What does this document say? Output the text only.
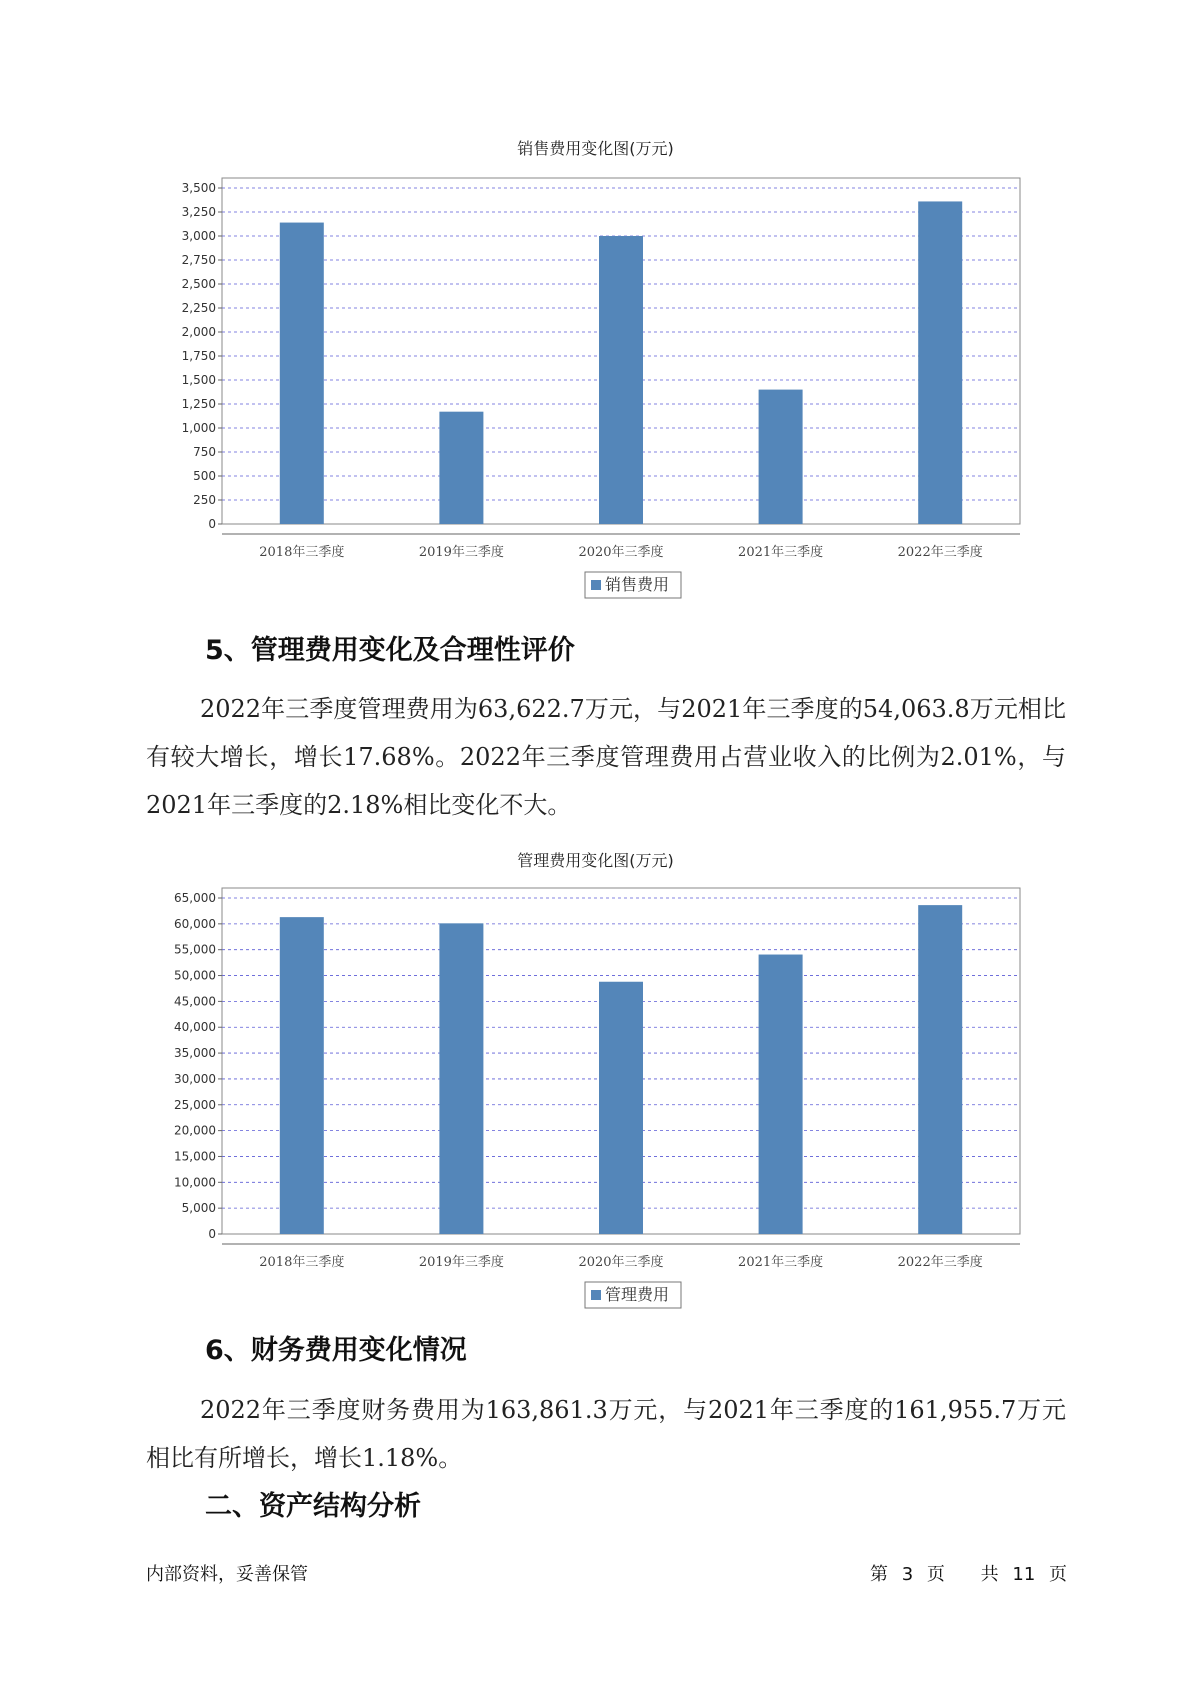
销售费用变化图(万元)
0
250
500
750
1,000
1,250
1,500
1,750
2,000
2,250
2,500
2,750
3,000
3,250
3,500
2018年三季度	2019年三季度	2020年三季度	2021年三季度	2022年三季度
销售费用
5、管理费用变化及合理性评价

2022年三季度管理费用为63,622.7万元，与2021年三季度的54,063.8万元相比有较大增长，增长17.68%。2022年三季度管理费用占营业收入的比例为2.01%，与2021年三季度的2.18%相比变化不大。

管理费用变化图(万元)
0
5,000
10,000
15,000
20,000
25,000
30,000
35,000
40,000
45,000
50,000
55,000
60,000
65,000
2018年三季度	2019年三季度	2020年三季度	2021年三季度	2022年三季度
管理费用
6、财务费用变化情况

2022年三季度财务费用为163,861.3万元，与2021年三季度的161,955.7万元相比有所增长，增长1.18%。

二、资产结构分析
内部资料，妥善保管	第 3 页 共 11 页
